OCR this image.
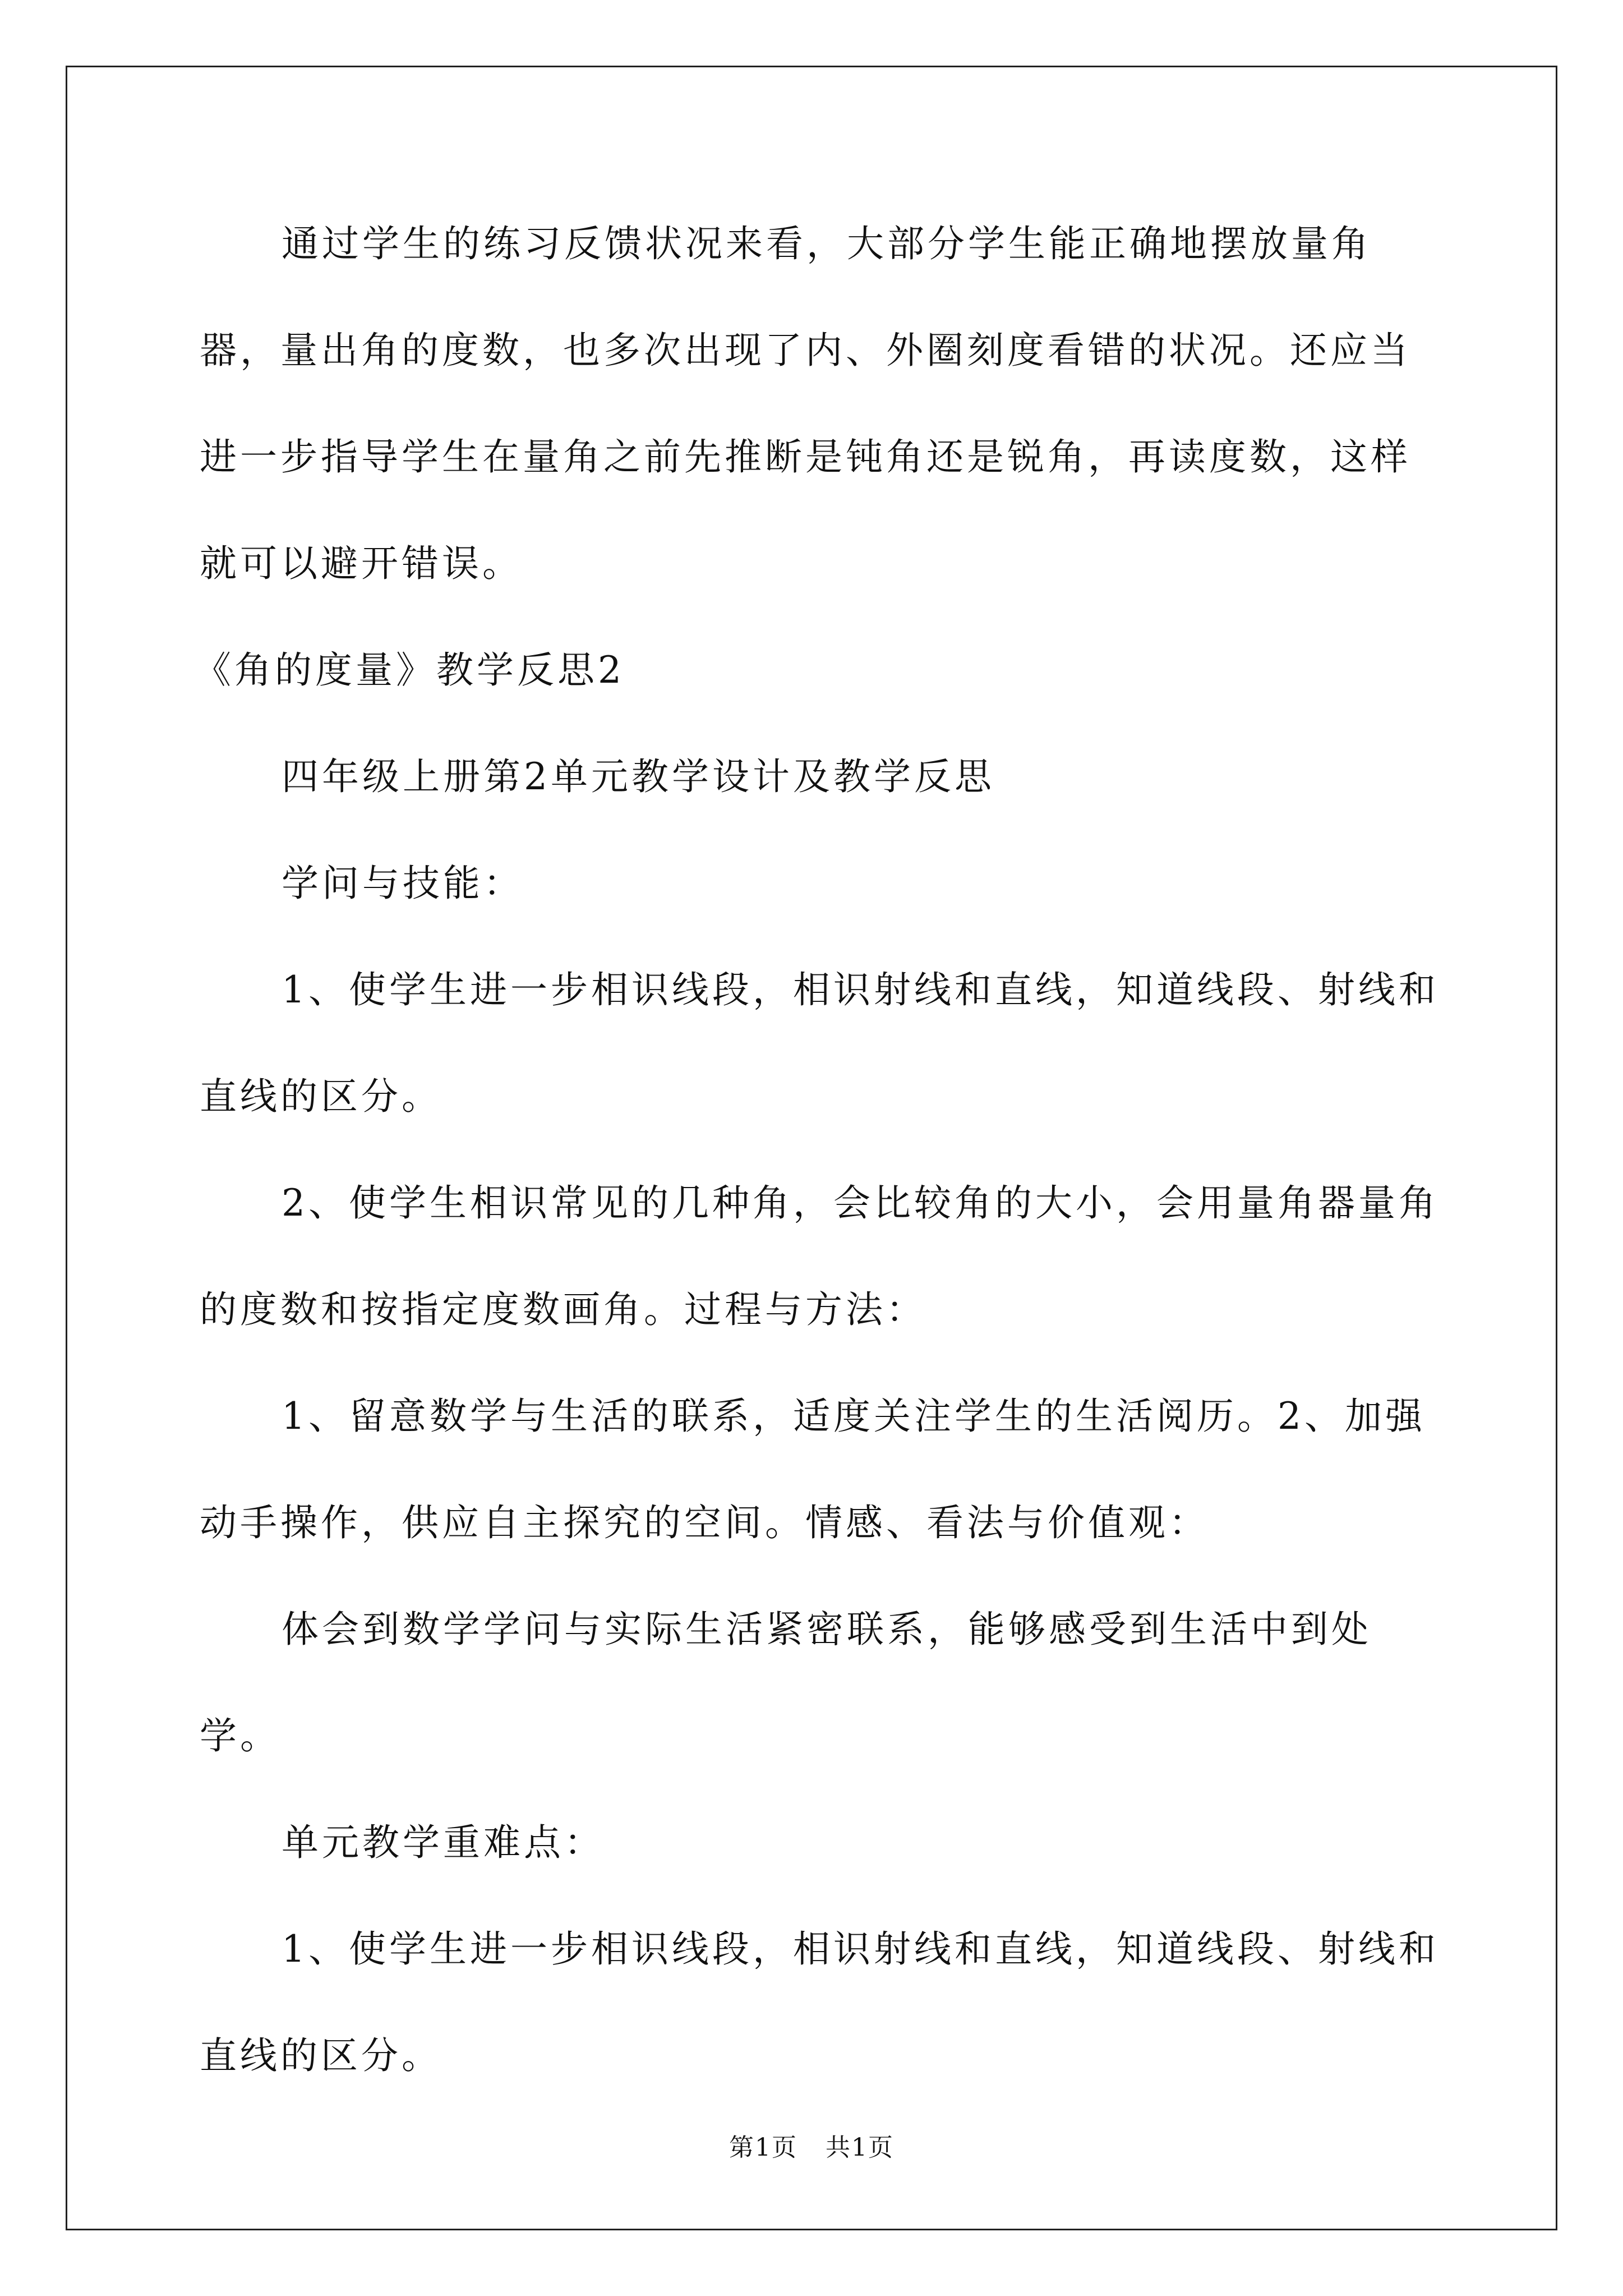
通过学生的练习反馈状况来看，大部分学生能正确地摆放量角器，量出角的度数，也多次出现了内、外圈刻度看错的状况。还应当进一步指导学生在量角之前先推断是钝角还是锐角，再读度数，这样就可以避开错误。

《角的度量》教学反思2

四年级上册第2单元教学设计及教学反思

学问与技能：

1、使学生进一步相识线段，相识射线和直线，知道线段、射线和直线的区分。

2、使学生相识常见的几种角，会比较角的大小，会用量角器量角的度数和按指定度数画角。过程与方法：

1、留意数学与生活的联系，适度关注学生的生活阅历。2、加强动手操作，供应自主探究的空间。情感、看法与价值观：

体会到数学学问与实际生活紧密联系，能够感受到生活中到处学。

单元教学重难点：

1、使学生进一步相识线段，相识射线和直线，知道线段、射线和直线的区分。

第1页 共1页
